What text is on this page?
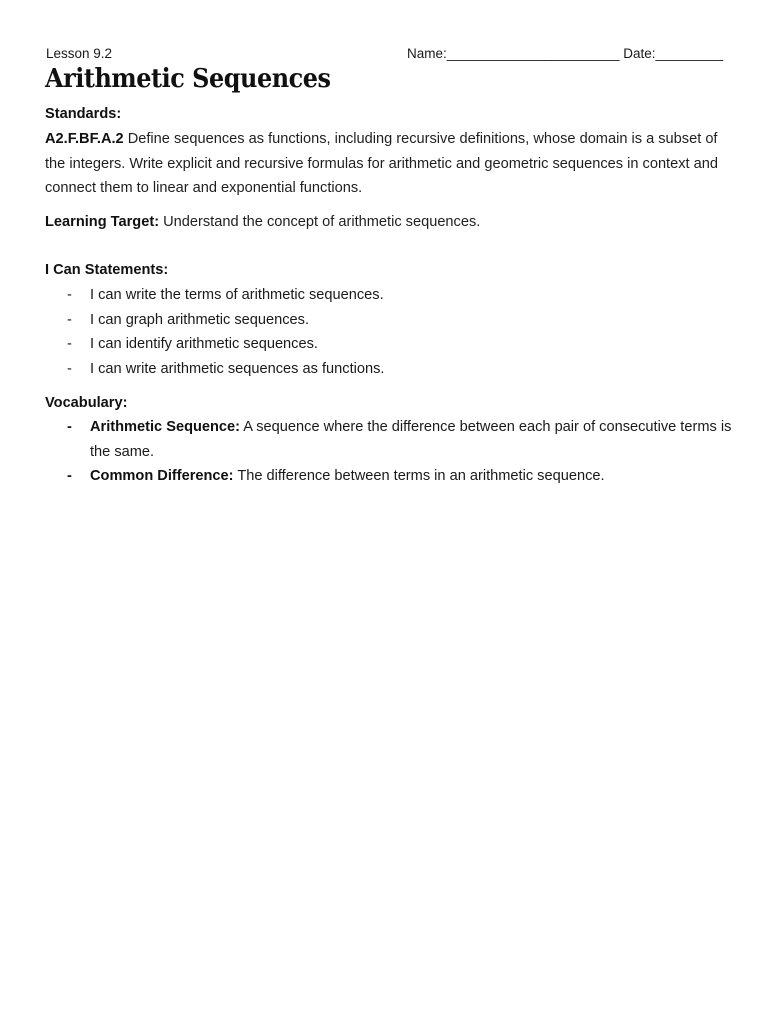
Lesson 9.2	Name:_______________________ Date:_________
Arithmetic Sequences
Standards:
A2.F.BF.A.2 Define sequences as functions, including recursive definitions, whose domain is a subset of the integers. Write explicit and recursive formulas for arithmetic and geometric sequences in context and connect them to linear and exponential functions.
Learning Target: Understand the concept of arithmetic sequences.
I Can Statements:
- I can write the terms of arithmetic sequences.
- I can graph arithmetic sequences.
- I can identify arithmetic sequences.
- I can write arithmetic sequences as functions.
Vocabulary:
- Arithmetic Sequence: A sequence where the difference between each pair of consecutive terms is the same.
- Common Difference: The difference between terms in an arithmetic sequence.
